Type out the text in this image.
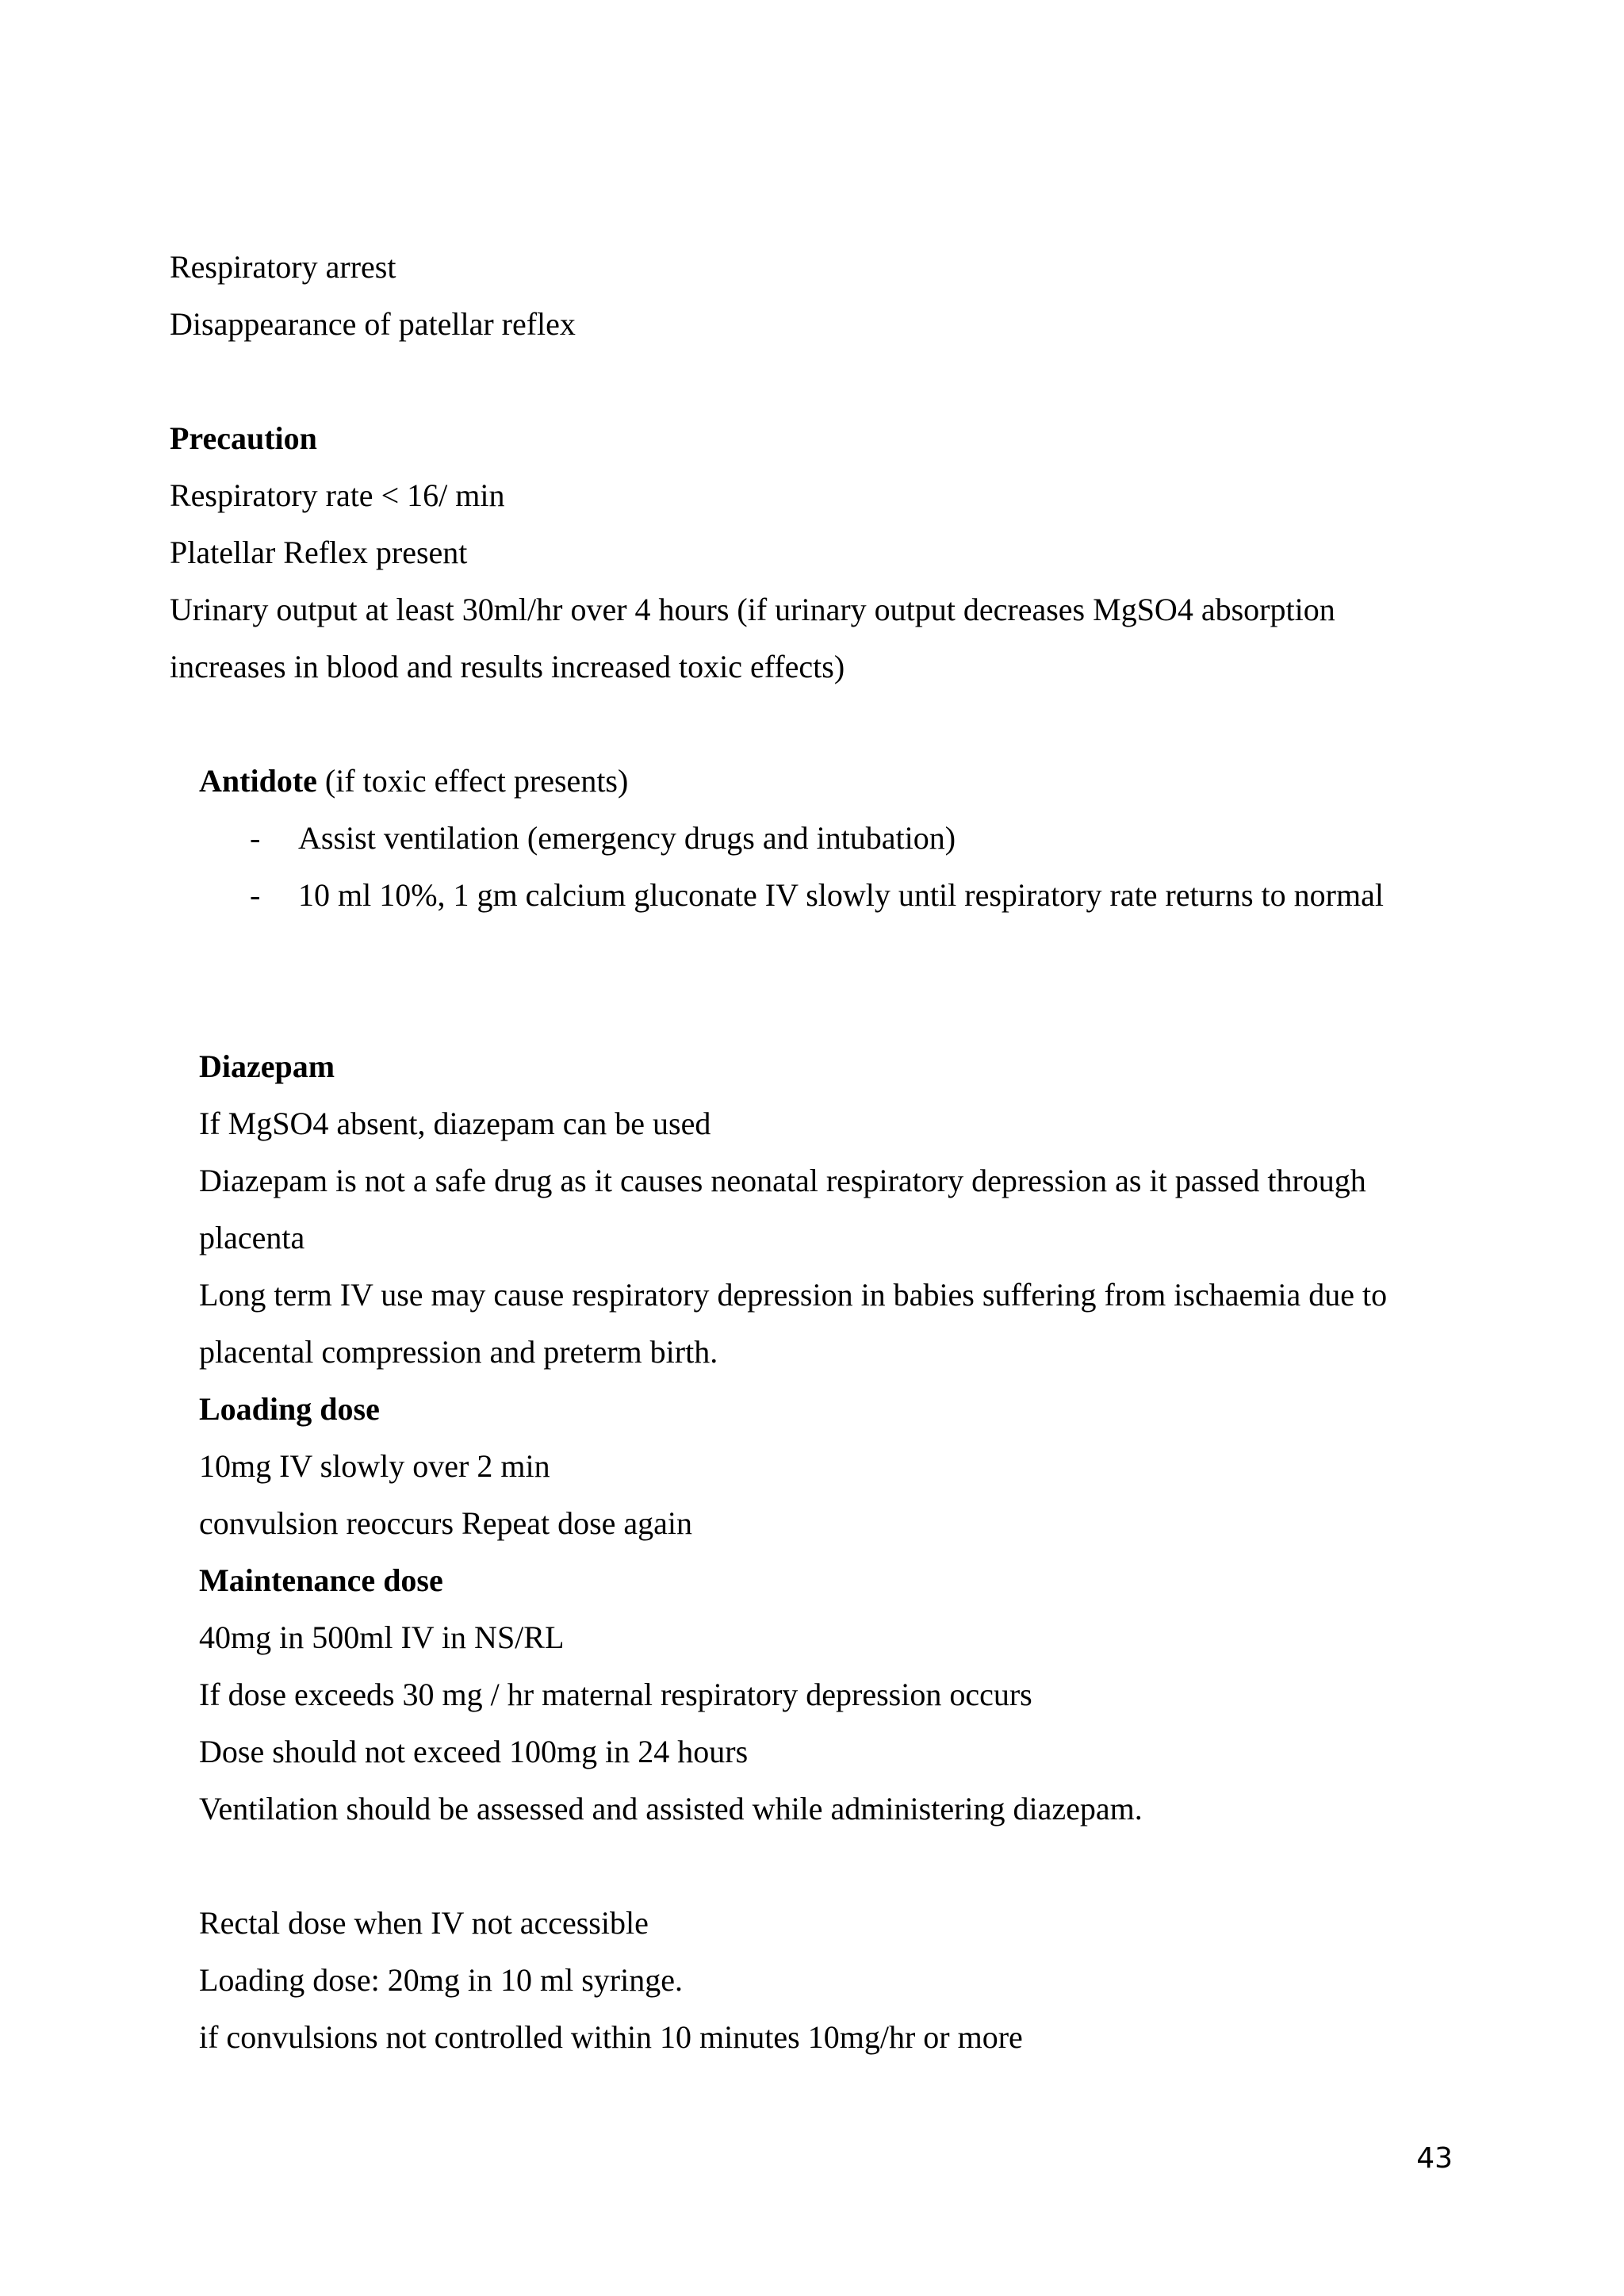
Respiratory arrest
Disappearance of patellar reflex
Precaution
Respiratory rate < 16/ min
Platellar Reflex present
Urinary output at least 30ml/hr over 4 hours (if urinary output decreases MgSO4 absorption
increases in blood and results increased toxic effects)
Antidote (if toxic effect presents)
- Assist ventilation (emergency drugs and intubation)
- 10 ml 10%, 1 gm calcium gluconate IV slowly until respiratory rate returns to normal
Diazepam
If MgSO4 absent, diazepam can be used
Diazepam is not a safe drug as it causes neonatal respiratory depression as it passed through
placenta
Long term IV use may cause respiratory depression in babies suffering from ischaemia due to
placental compression and preterm birth.
Loading dose
10mg IV slowly over 2 min
convulsion reoccurs Repeat dose again
Maintenance dose
40mg in 500ml IV in NS/RL
If dose exceeds 30 mg / hr maternal respiratory depression occurs
Dose should not exceed 100mg in 24 hours
Ventilation should be assessed and assisted while administering diazepam.
Rectal dose when IV not accessible
Loading dose: 20mg in 10 ml syringe.
if convulsions not controlled within 10 minutes 10mg/hr or more
43
